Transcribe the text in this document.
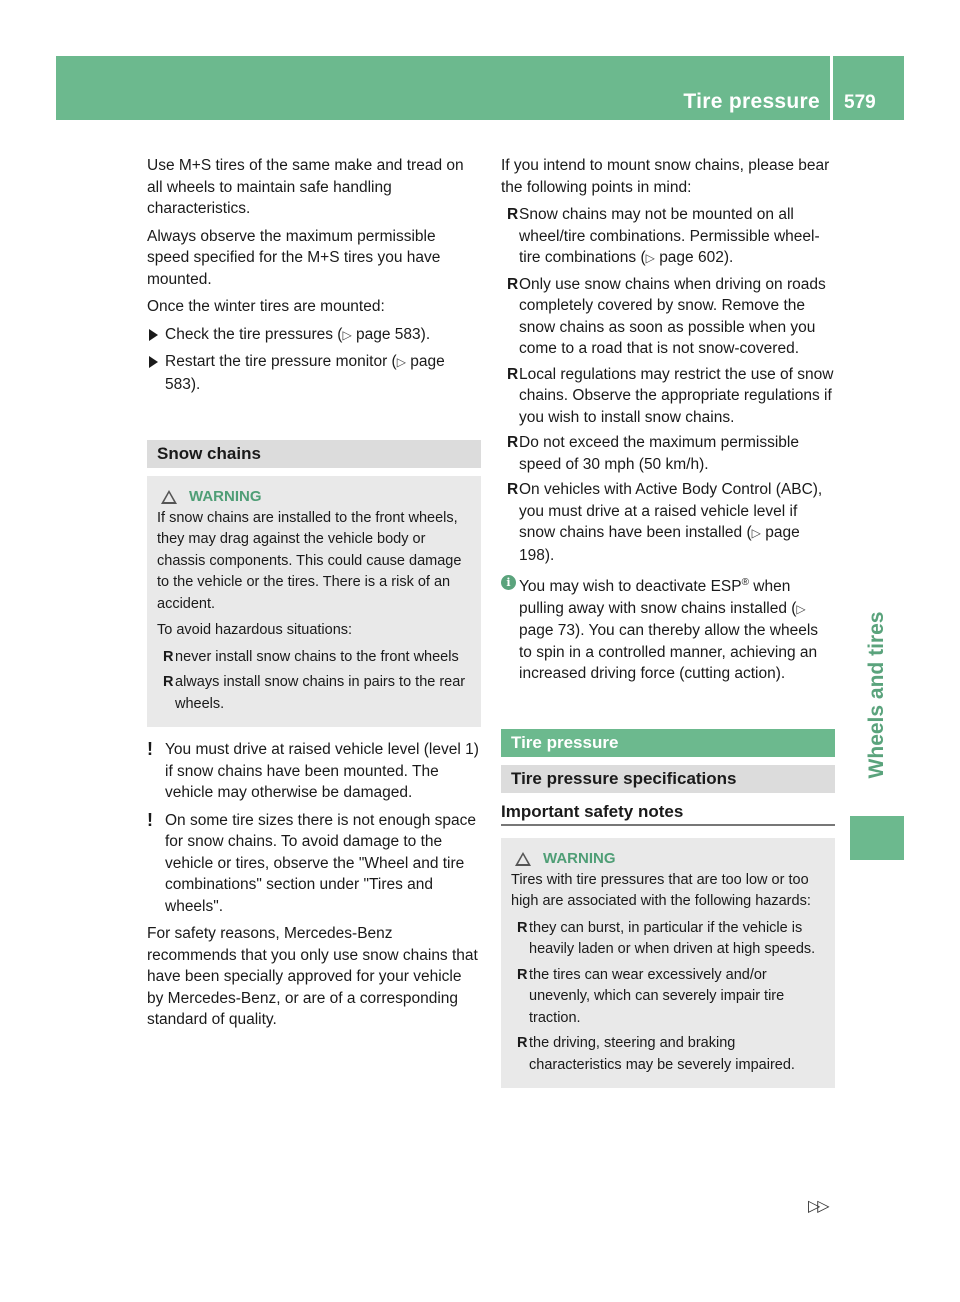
Tire pressure 579
Wheels and tires

Use M+S tires of the same make and tread on all wheels to maintain safe handling characteristics.

Always observe the maximum permissible speed specified for the M+S tires you have mounted.

Once the winter tires are mounted:

Check the tire pressures (▷ page 583).
Restart the tire pressure monitor (▷ page 583).
Snow chains
WARNING

If snow chains are installed to the front wheels, they may drag against the vehicle body or chassis components. This could cause damage to the vehicle or the tires. There is a risk of an accident.

To avoid hazardous situations:

R never install snow chains to the front wheels
R always install snow chains in pairs to the rear wheels.
! You must drive at raised vehicle level (level 1) if snow chains have been mounted. The vehicle may otherwise be damaged.
! On some tire sizes there is not enough space for snow chains. To avoid damage to the vehicle or tires, observe the "Wheel and tire combinations" section under "Tires and wheels".

For safety reasons, Mercedes-Benz recommends that you only use snow chains that have been specially approved for your vehicle by Mercedes-Benz, or are of a corresponding standard of quality.

If you intend to mount snow chains, please bear the following points in mind:

R Snow chains may not be mounted on all wheel/tire combinations. Permissible wheel-tire combinations (▷ page 602).
R Only use snow chains when driving on roads completely covered by snow. Remove the snow chains as soon as possible when you come to a road that is not snow-covered.
R Local regulations may restrict the use of snow chains. Observe the appropriate regulations if you wish to install snow chains.
R Do not exceed the maximum permissible speed of 30 mph (50 km/h).
R On vehicles with Active Body Control (ABC), you must drive at a raised vehicle level if snow chains have been installed (▷ page 198).
i You may wish to deactivate ESP® when pulling away with snow chains installed (▷ page 73). You can thereby allow the wheels to spin in a controlled manner, achieving an increased driving force (cutting action).
Tire pressure
Tire pressure specifications
Important safety notes
WARNING

Tires with tire pressures that are too low or too high are associated with the following hazards:

R they can burst, in particular if the vehicle is heavily laden or when driven at high speeds.
R the tires can wear excessively and/or unevenly, which can severely impair tire traction.
R the driving, steering and braking characteristics may be severely impaired.
▷▷
